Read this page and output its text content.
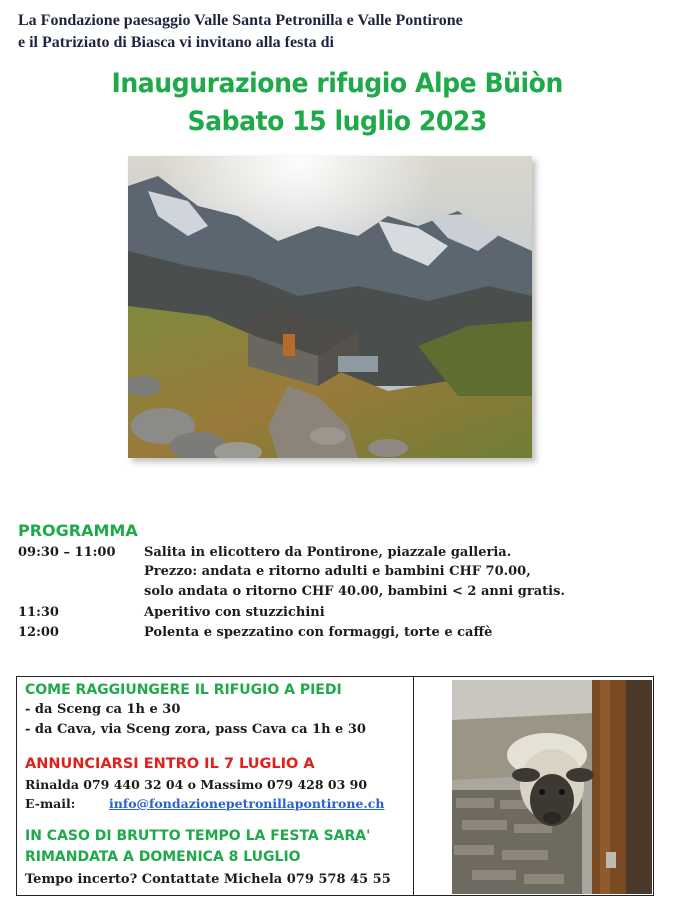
La Fondazione paesaggio Valle Santa Petronilla e Valle Pontirone
e il Patriziato di Biasca vi invitano alla festa di
Inaugurazione rifugio Alpe Büiòn
Sabato 15 luglio 2023
PROGRAMMA
09:30 – 11:00 Salita in elicottero da Pontirone, piazzale galleria.
Prezzo: andata e ritorno adulti e bambini CHF 70.00,
solo andata o ritorno CHF 40.00, bambini < 2 anni gratis.
11:30	Aperitivo con stuzzichini
12:00	Polenta e spezzatino con formaggi, torte e caffè
COME RAGGIUNGERE IL RIFUGIO A PIEDI
- da Sceng ca 1h e 30
- da Cava, via Sceng zora, pass Cava ca 1h e 30
ANNUNCIARSI ENTRO IL 7 LUGLIO A
Rinalda 079 440 32 04 o Massimo 079 428 03 90
E-mail:	info@fondazionepetronillapontirone.ch
IN CASO DI BRUTTO TEMPO LA FESTA SARA'
RIMANDATA A DOMENICA 8 LUGLIO
Tempo incerto? Contattate Michela 079 578 45 55
